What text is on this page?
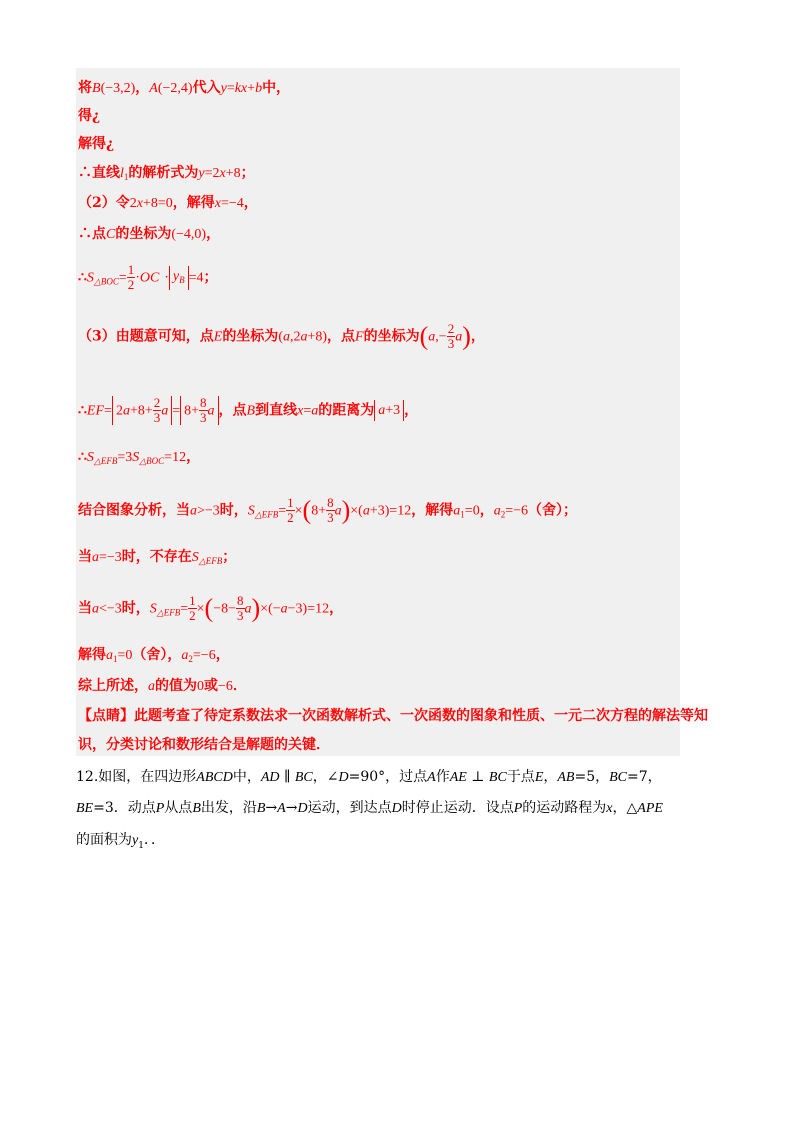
将B(−3,2)，A(−2,4)代入y=kx+b中，
得¿
解得¿
∴直线$l_1$的解析式为y=2x+8；
（2）令2x+8=0，解得x=−4，
∴点C的坐标为(−4,0)，
$\therefore S_{\triangle BOC}= \frac{1}{2} \cdot OC \cdot y_B =4$；
（3）由题意可知，点E的坐标为(a,2a+8)，点F的坐标为$(a,- \frac{2}{3} a)$，
∴EF= $2a+8+ \frac{2}{3}$ $a = 8+ \frac{8}{3}$ a ，点B到直线x=a的距离为 a+3 ，
$\therefore S_{\triangle EFB}=3S_{\triangle BOC}=12$，
结合图象分析，当a>−3时，$S_{\triangle EFB}= \frac{1}{2} \times(8+ \frac{8}{3} a)\times(a+3)=12$，解得$a_1=0$，$a_2=-6$（舍）；
当a=−3时，不存在$S_{\triangle EFB}$；
当a<−3时，$S_{\triangle EFB}= \frac{1}{2} \times(-8- \frac{8}{3} a)\times(-a-3)=12$，
解得$a_1=0$（舍），$a_2=-6$，
综上所述，a的值为0或−6．
【点睛】此题考查了待定系数法求一次函数解析式、一次函数的图象和性质、一元二次方程的解法等知
识，分类讨论和数形结合是解题的关键．
12.如图，在四边形ABCD中，AD ∥ BC，∠D=90°，过点A作AE ⊥ BC于点E，AB=5，BC=7，
BE=3．动点P从点B出发，沿B→A→D运动，到达点D时停止运动．设点P的运动路程为x，△APE
的面积为$y_1$．．
